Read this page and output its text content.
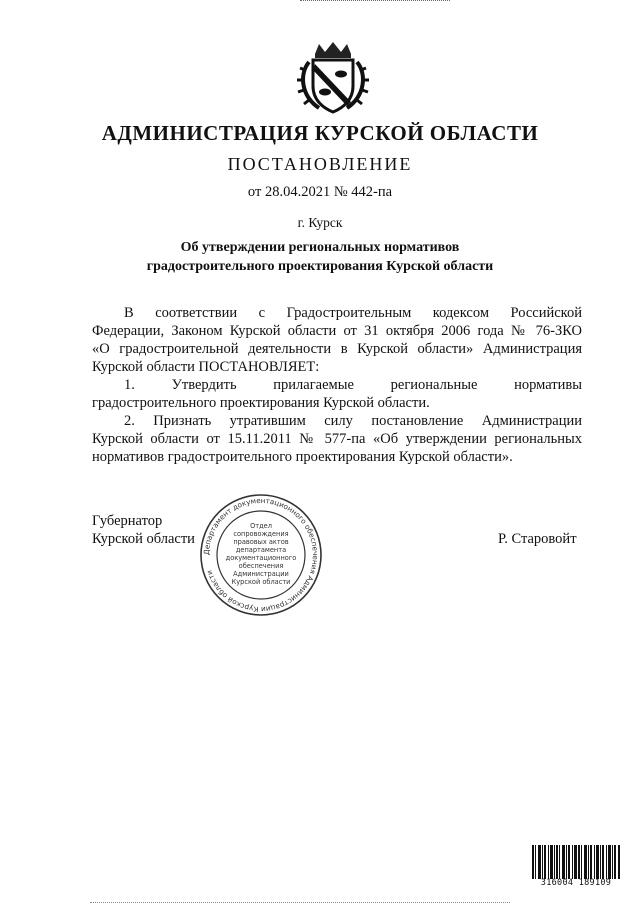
АДМИНИСТРАЦИЯ КУРСКОЙ ОБЛАСТИ
ПОСТАНОВЛЕНИЕ
от 28.04.2021 № 442-па
г. Курск
Об утверждении региональных нормативов
градостроительного проектирования Курской области
В соответствии с Градостроительным кодексом Российской
Федерации, Законом Курской области от 31 октября 2006 года № 76-ЗКО
«О градостроительной деятельности в Курской области» Администрация
Курской области ПОСТАНОВЛЯЕТ:
1. Утвердить прилагаемые региональные нормативы
градостроительного проектирования Курской области.
2. Признать утратившим силу постановление Администрации
Курской области от 15.11.2011 № 577-па «Об утверждении региональных
нормативов градостроительного проектирования Курской области».
Губернатор
Курской области	Р. Старовойт
Департамент документационного обеспечения Администрации Курской области
Отдел
сопровождения
правовых актов
департамента
документационного
обеспечения
Администрации
Курской области
316004 189109
